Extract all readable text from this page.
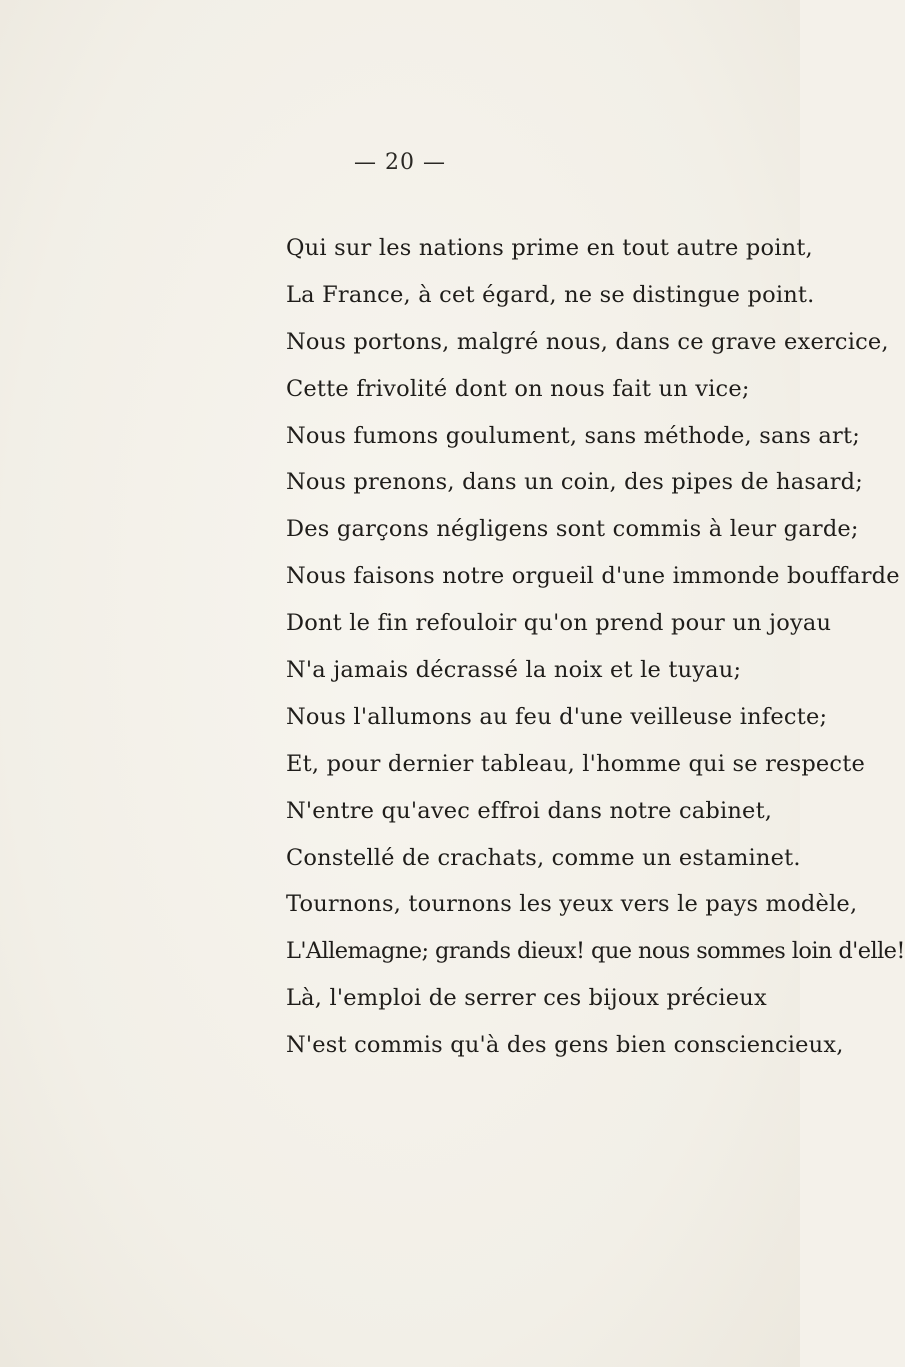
— 20 —
Qui sur les nations prime en tout autre point,
La France, à cet égard, ne se distingue point.
Nous portons, malgré nous, dans ce grave exercice,
Cette frivolité dont on nous fait un vice;
Nous fumons goulument, sans méthode, sans art;
Nous prenons, dans un coin, des pipes de hasard;
Des garçons négligens sont commis à leur garde;
Nous faisons notre orgueil d'une immonde bouffarde
Dont le fin refouloir qu'on prend pour un joyau
N'a jamais décrassé la noix et le tuyau;
Nous l'allumons au feu d'une veilleuse infecte;
Et, pour dernier tableau, l'homme qui se respecte
N'entre qu'avec effroi dans notre cabinet,
Constellé de crachats, comme un estaminet.
Tournons, tournons les yeux vers le pays modèle,
L'Allemagne; grands dieux! que nous sommes loin d'elle!
Là, l'emploi de serrer ces bijoux précieux
N'est commis qu'à des gens bien consciencieux,
